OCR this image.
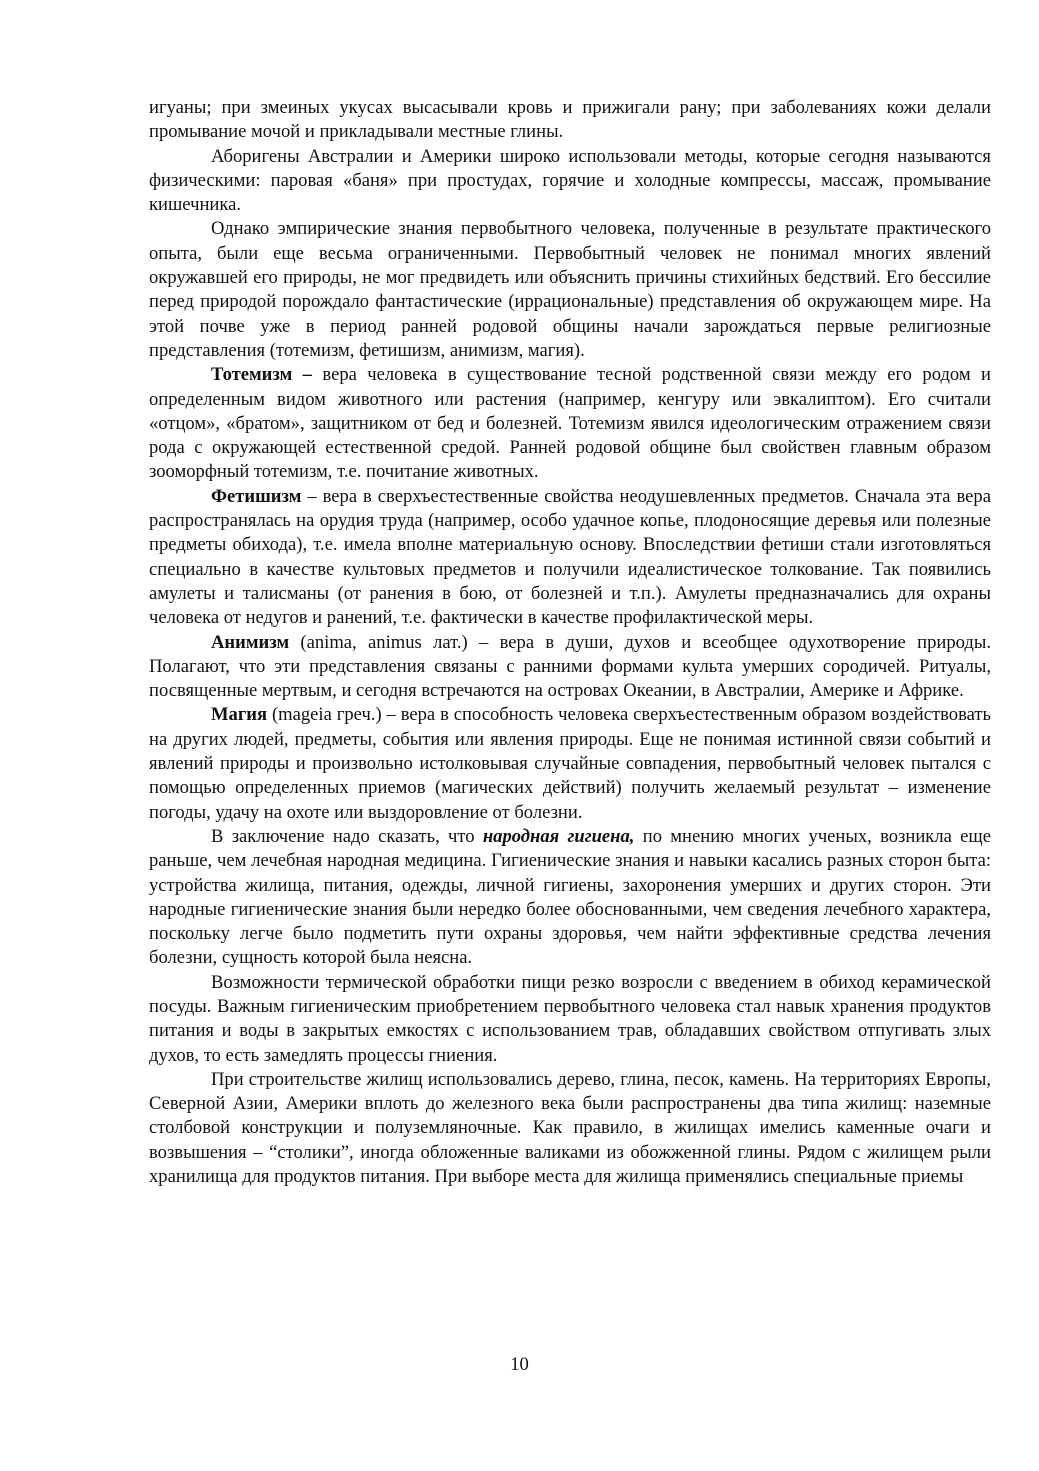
игуаны; при змеиных укусах высасывали кровь и прижигали рану; при заболеваниях кожи делали промывание мочой и прикладывали местные глины.

Аборигены Австралии и Америки широко использовали методы, которые сегодня называются физическими: паровая «баня» при простудах, горячие и холодные компрессы, массаж, промывание кишечника.

Однако эмпирические знания первобытного человека, полученные в результате практического опыта, были еще весьма ограниченными. Первобытный человек не понимал многих явлений окружавшей его природы, не мог предвидеть или объяснить причины стихийных бедствий. Его бессилие перед природой порождало фантастические (иррациональные) представления об окружающем мире. На этой почве уже в период ранней родовой общины начали зарождаться первые религиозные представления (тотемизм, фетишизм, анимизм, магия).

Тотемизм – вера человека в существование тесной родственной связи между его родом и определенным видом животного или растения (например, кенгуру или эвкалиптом). Его считали «отцом», «братом», защитником от бед и болезней. Тотемизм явился идеологическим отражением связи рода с окружающей естественной средой. Ранней родовой общине был свойствен главным образом зооморфный тотемизм, т.е. почитание животных.

Фетишизм – вера в сверхъестественные свойства неодушевленных предметов. Сначала эта вера распространялась на орудия труда (например, особо удачное копье, плодоносящие деревья или полезные предметы обихода), т.е. имела вполне материальную основу. Впоследствии фетиши стали изготовляться специально в качестве культовых предметов и получили идеалистическое толкование. Так появились амулеты и талисманы (от ранения в бою, от болезней и т.п.). Амулеты предназначались для охраны человека от недугов и ранений, т.е. фактически в качестве профилактической меры.

Анимизм (anima, animus лат.) – вера в души, духов и всеобщее одухотворение природы. Полагают, что эти представления связаны с ранними формами культа умерших сородичей. Ритуалы, посвященные мертвым, и сегодня встречаются на островах Океании, в Австралии, Америке и Африке.

Магия (mageia греч.) – вера в способность человека сверхъестественным образом воздействовать на других людей, предметы, события или явления природы. Еще не понимая истинной связи событий и явлений природы и произвольно истолковывая случайные совпадения, первобытный человек пытался с помощью определенных приемов (магических действий) получить желаемый результат – изменение погоды, удачу на охоте или выздоровление от болезни.

В заключение надо сказать, что народная гигиена, по мнению многих ученых, возникла еще раньше, чем лечебная народная медицина. Гигиенические знания и навыки касались разных сторон быта: устройства жилища, питания, одежды, личной гигиены, захоронения умерших и других сторон. Эти народные гигиенические знания были нередко более обоснованными, чем сведения лечебного характера, поскольку легче было подметить пути охраны здоровья, чем найти эффективные средства лечения болезни, сущность которой была неясна.

Возможности термической обработки пищи резко возросли с введением в обиход керамической посуды. Важным гигиеническим приобретением первобытного человека стал навык хранения продуктов питания и воды в закрытых емкостях с использованием трав, обладавших свойством отпугивать злых духов, то есть замедлять процессы гниения.

При строительстве жилищ использовались дерево, глина, песок, камень. На территориях Европы, Северной Азии, Америки вплоть до железного века были распространены два типа жилищ: наземные столбовой конструкции и полуземляночные. Как правило, в жилищах имелись каменные очаги и возвышения – “столики”, иногда обложенные валиками из обожженной глины. Рядом с жилищем рыли хранилища для продуктов питания. При выборе места для жилища применялись специальные приемы

10
